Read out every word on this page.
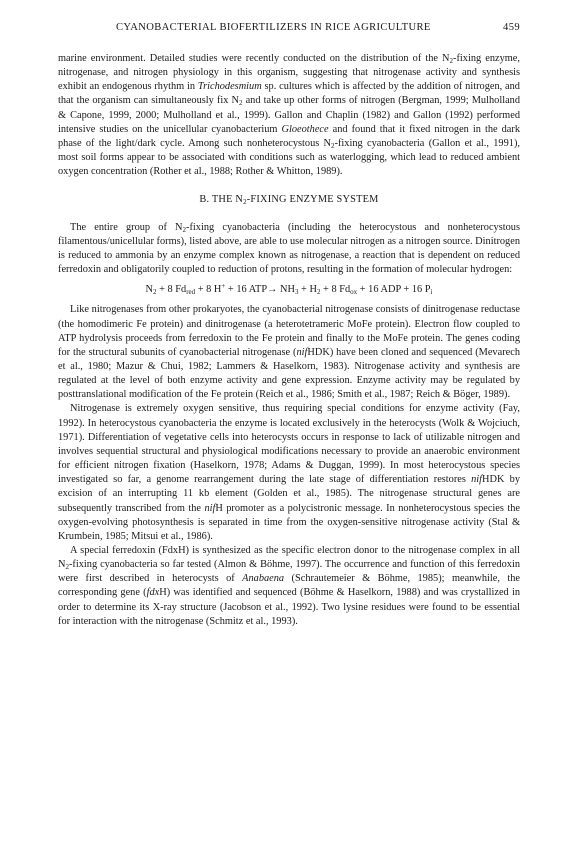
CYANOBACTERIAL BIOFERTILIZERS IN RICE AGRICULTURE	459

marine environment. Detailed studies were recently conducted on the distribution of the $N_2$-fixing enzyme, nitrogenase, and nitrogen physiology in this organism, suggesting that nitrogenase activity and synthesis exhibit an endogenous rhythm in Trichodesmium sp. cultures which is affected by the addition of nitrogen, and that the organism can simultaneously fix $N_2$ and take up other forms of nitrogen (Bergman, 1999; Mulholland & Capone, 1999, 2000; Mulholland et al., 1999). Gallon and Chaplin (1982) and Gallon (1992) performed intensive studies on the unicellular cyanobacterium Gloeothece and found that it fixed nitrogen in the dark phase of the light/dark cycle. Among such nonheterocystous $N_2$-fixing cyanobacteria (Gallon et al., 1991), most soil forms appear to be associated with conditions such as waterlogging, which lead to reduced ambient oxygen concentration (Rother et al., 1988; Rother & Whitton, 1989).

B. THE $N_2$-FIXING ENZYME SYSTEM

The entire group of $N_2$-fixing cyanobacteria (including the heterocystous and nonheterocystous filamentous/unicellular forms), listed above, are able to use molecular nitrogen as a nitrogen source. Dinitrogen is reduced to ammonia by an enzyme complex known as nitrogenase, a reaction that is dependent on reduced ferredoxin and obligatorily coupled to reduction of protons, resulting in the formation of molecular hydrogen:

$N_2 + 8$ $Fd_{red} + 8$ H+ + 16 $ATP\to NH_3 + H_2 + 8$ $Fd_{ox} + 16$ ADP + 16 $P_i$

Like nitrogenases from other prokaryotes, the cyanobacterial nitrogenase consists of dinitrogenase reductase (the homodimeric Fe protein) and dinitrogenase (a heterotetrameric MoFe protein). Electron flow coupled to ATP hydrolysis proceeds from ferredoxin to the Fe protein and finally to the MoFe protein. The genes coding for the structural subunits of cyanobacterial nitrogenase (nifHDK) have been cloned and sequenced (Mevarech et al., 1980; Mazur & Chui, 1982; Lammers & Haselkorn, 1983). Nitrogenase activity and synthesis are regulated at the level of both enzyme activity and gene expression. Enzyme activity may be regulated by posttranslational modification of the Fe protein (Reich et al., 1986; Smith et al., 1987; Reich & Böger, 1989).

Nitrogenase is extremely oxygen sensitive, thus requiring special conditions for enzyme activity (Fay, 1992). In heterocystous cyanobacteria the enzyme is located exclusively in the heterocysts (Wolk & Wojciuch, 1971). Differentiation of vegetative cells into heterocysts occurs in response to lack of utilizable nitrogen and involves sequential structural and physiological modifications necessary to provide an anaerobic environment for efficient nitrogen fixation (Haselkorn, 1978; Adams & Duggan, 1999). In most heterocystous species investigated so far, a genome rearrangement during the late stage of differentiation restores nifHDK by excision of an interrupting 11 kb element (Golden et al., 1985). The nitrogenase structural genes are subsequently transcribed from the nifH promoter as a polycistronic message. In nonheterocystous species the oxygen-evolving photosynthesis is separated in time from the oxygen-sensitive nitrogenase activity (Stal & Krumbein, 1985; Mitsui et al., 1986).

A special ferredoxin (FdxH) is synthesized as the specific electron donor to the nitrogenase complex in all $N_2$-fixing cyanobacteria so far tested (Almon & Böhme, 1997). The occurrence and function of this ferredoxin were first described in heterocysts of Anabaena (Schrautemeier & Böhme, 1985); meanwhile, the corresponding gene (fdxH) was identified and sequenced (Böhme & Haselkorn, 1988) and was crystallized in order to determine its X-ray structure (Jacobson et al., 1992). Two lysine residues were found to be essential for interaction with the nitrogenase (Schmitz et al., 1993).
